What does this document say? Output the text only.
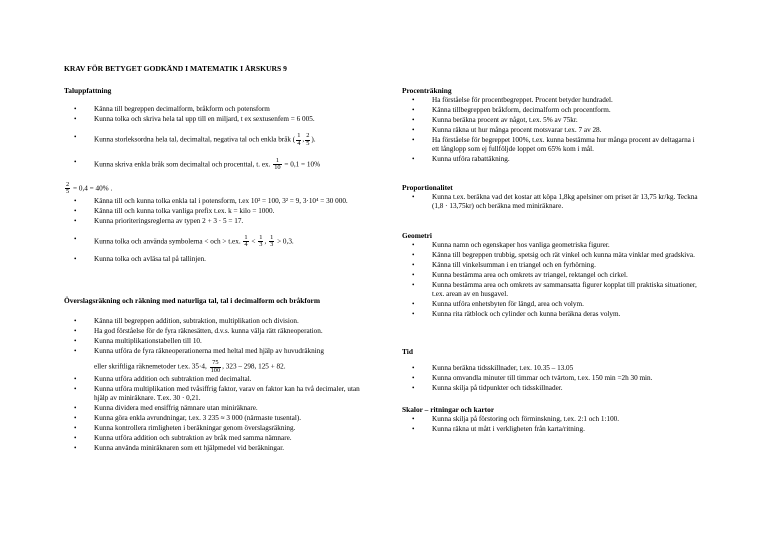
KRAV FÖR BETYGET GODKÄND I MATEMATIK I ÅRSKURS 9
Taluppfattning
• Känna till begreppen decimalform, bråkform och potensform
• Kunna tolka och skriva hela tal upp till en miljard, t ex sextusenfem = 6 005.
• Kunna storleksordna hela tal, decimaltal, negativa tal och enkla bråk ( $\frac{1}{4}$ , $\frac{2}{5}$ ).
• Kunna skriva enkla bråk som decimaltal och procenttal, t. ex. $\frac{1}{10} = 0,1 = 10\%$
$\frac{2}{5} = 0,4 = 40\%$ .
• Känna till och kunna tolka enkla tal i potensform, t.ex 10² = 100, 3² = 9, 3·10⁴ = 30 000.
• Känna till och kunna tolka vanliga prefix t.ex. k = kilo = 1000.
• Kunna prioriteringsreglerna av typen 2 + 3 · 5 = 17.
• Kunna tolka och använda symbolerna < och > t.ex. $\frac{1}{4} < \frac{1}{3}$ , $\frac{1}{3} > 0,3$.
• Kunna tolka och avläsa tal på tallinjen.
Överslagsräkning och räkning med naturliga tal, tal i decimalform och bråkform
• Känna till begreppen addition, subtraktion, multiplikation och division.
• Ha god förståelse för de fyra räknesätten, d.v.s. kunna välja rätt räkneoperation.
• Kunna multiplikationstabellen till 10.
• Kunna utföra de fyra räkneoperationerna med heltal med hjälp av huvudräkning
eller skriftliga räknemetoder t.ex. 35·4, $\frac{75}{100}$ , 323 – 298, 125 + 82.
• Kunna utföra addition och subtraktion med decimaltal.
• Kunna utföra multiplikation med tvåsiffrig faktor, varav en faktor kan ha två decimaler, utan hjälp av miniräknare. T.ex. 30 · 0,21.
• Kunna dividera med ensiffrig nämnare utan miniräknare.
• Kunna göra enkla avrundningar, t.ex. 3 235 ≈ 3 000 (närmaste tusental).
• Kunna kontrollera rimligheten i beräkningar genom överslagsräkning.
• Kunna utföra addition och subtraktion av bråk med samma nämnare.
• Kunna använda miniräknaren som ett hjälpmedel vid beräkningar.
Procenträkning
• Ha förståelse för procentbegreppet. Procent betyder hundradel.
• Känna tillbegreppen bråkform, decimalform och procentform.
• Kunna beräkna procent av något, t.ex. 5% av 75kr.
• Kunna räkna ut hur många procent motsvarar t.ex. 7 av 28.
• Ha förståelse för begreppet 100%, t.ex. kunna bestämma hur många procent av deltagarna i ett långlopp som ej fullföljde loppet om 65% kom i mål.
• Kunna utföra rabattäkning.
Proportionalitet
• Kunna t.ex. beräkna vad det kostar att köpa 1,8kg apelsiner om priset är 13,75 kr/kg. Teckna (1,8 · 13,75kr) och beräkna med miniräknare.
Geometri
• Kunna namn och egenskaper hos vanliga geometriska figurer.
• Känna till begreppen trubbig, spetsig och rät vinkel och kunna mäta vinklar med gradskiva.
• Känna till vinkelsumman i en triangel och en fyrhörning.
• Kunna bestämma area och omkrets av triangel, rektangel och cirkel.
• Kunna bestämma area och omkrets av sammansatta figurer kopplat till praktiska situationer, t.ex. arean av en husgavel.
• Kunna utföra enhetsbyten för längd, area och volym.
• Kunna rita rätblock och cylinder och kunna beräkna deras volym.
Tid
• Kunna beräkna tidsskillnader, t.ex. 10.35 – 13.05
• Kunna omvandla minuter till timmar och tvärtom, t.ex. 150 min =2h 30 min.
• Kunna skilja på tidpunkter och tidsskillnader.
Skalor – ritningar och kartor
• Kunna skilja på förstoring och förminskning, t.ex. 2:1 och 1:100.
• Kunna räkna ut mått i verkligheten från karta/ritning.
